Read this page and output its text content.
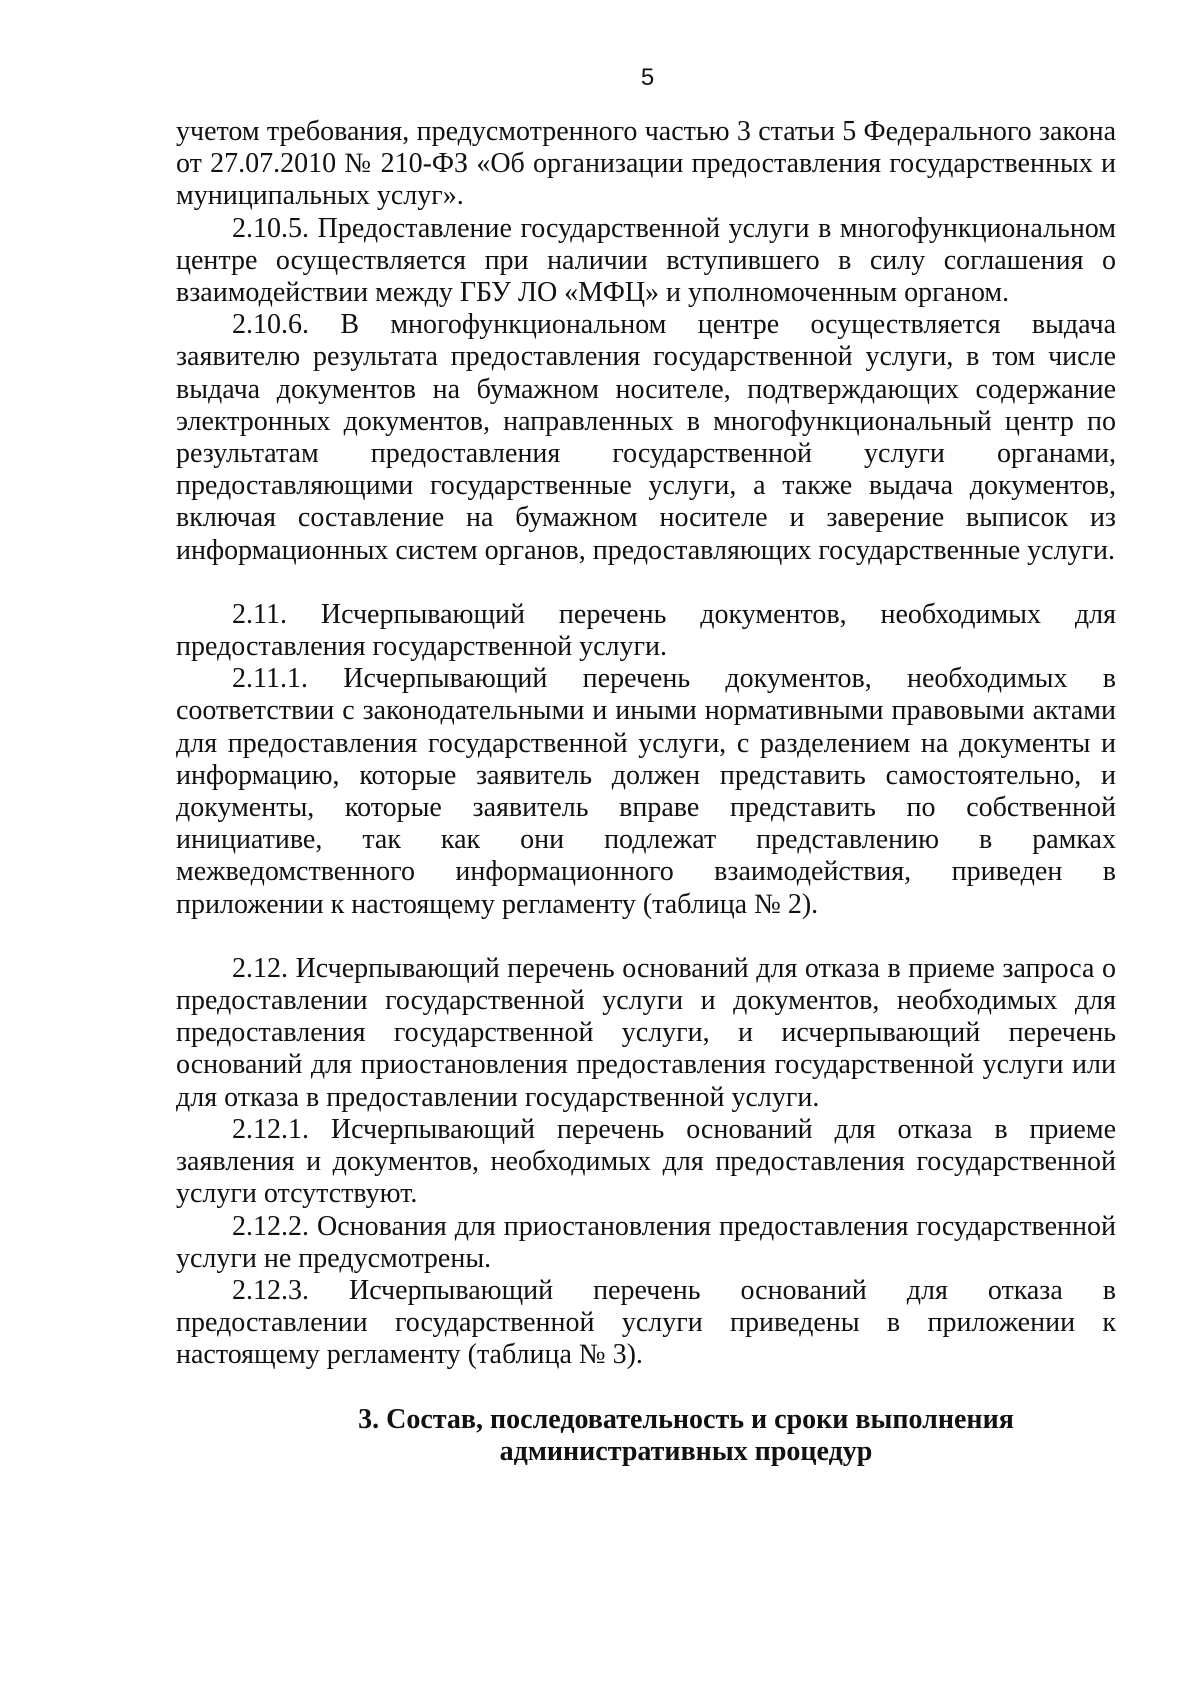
5

учетом требования, предусмотренного частью 3 статьи 5 Федерального закона от 27.07.2010 № 210-ФЗ «Об организации предоставления государственных и муниципальных услуг».

2.10.5. Предоставление государственной услуги в многофункциональном центре осуществляется при наличии вступившего в силу соглашения о взаимодействии между ГБУ ЛО «МФЦ» и уполномоченным органом.

2.10.6. В многофункциональном центре осуществляется выдача заявителю результата предоставления государственной услуги, в том числе выдача документов на бумажном носителе, подтверждающих содержание электронных документов, направленных в многофункциональный центр по результатам предоставления государственной услуги органами, предоставляющими государственные услуги, а также выдача документов, включая составление на бумажном носителе и заверение выписок из информационных систем органов, предоставляющих государственные услуги.

2.11. Исчерпывающий перечень документов, необходимых для предоставления государственной услуги.

2.11.1. Исчерпывающий перечень документов, необходимых в соответствии с законодательными и иными нормативными правовыми актами для предоставления государственной услуги, с разделением на документы и информацию, которые заявитель должен представить самостоятельно, и документы, которые заявитель вправе представить по собственной инициативе, так как они подлежат представлению в рамках межведомственного информационного взаимодействия, приведен в приложении к настоящему регламенту (таблица № 2).

2.12. Исчерпывающий перечень оснований для отказа в приеме запроса о предоставлении государственной услуги и документов, необходимых для предоставления государственной услуги, и исчерпывающий перечень оснований для приостановления предоставления государственной услуги или для отказа в предоставлении государственной услуги.

2.12.1. Исчерпывающий перечень оснований для отказа в приеме заявления и документов, необходимых для предоставления государственной услуги отсутствуют.

2.12.2. Основания для приостановления предоставления государственной услуги не предусмотрены.

2.12.3. Исчерпывающий перечень оснований для отказа в предоставлении государственной услуги приведены в приложении к настоящему регламенту (таблица № 3).

3. Состав, последовательность и сроки выполнения
административных процедур
